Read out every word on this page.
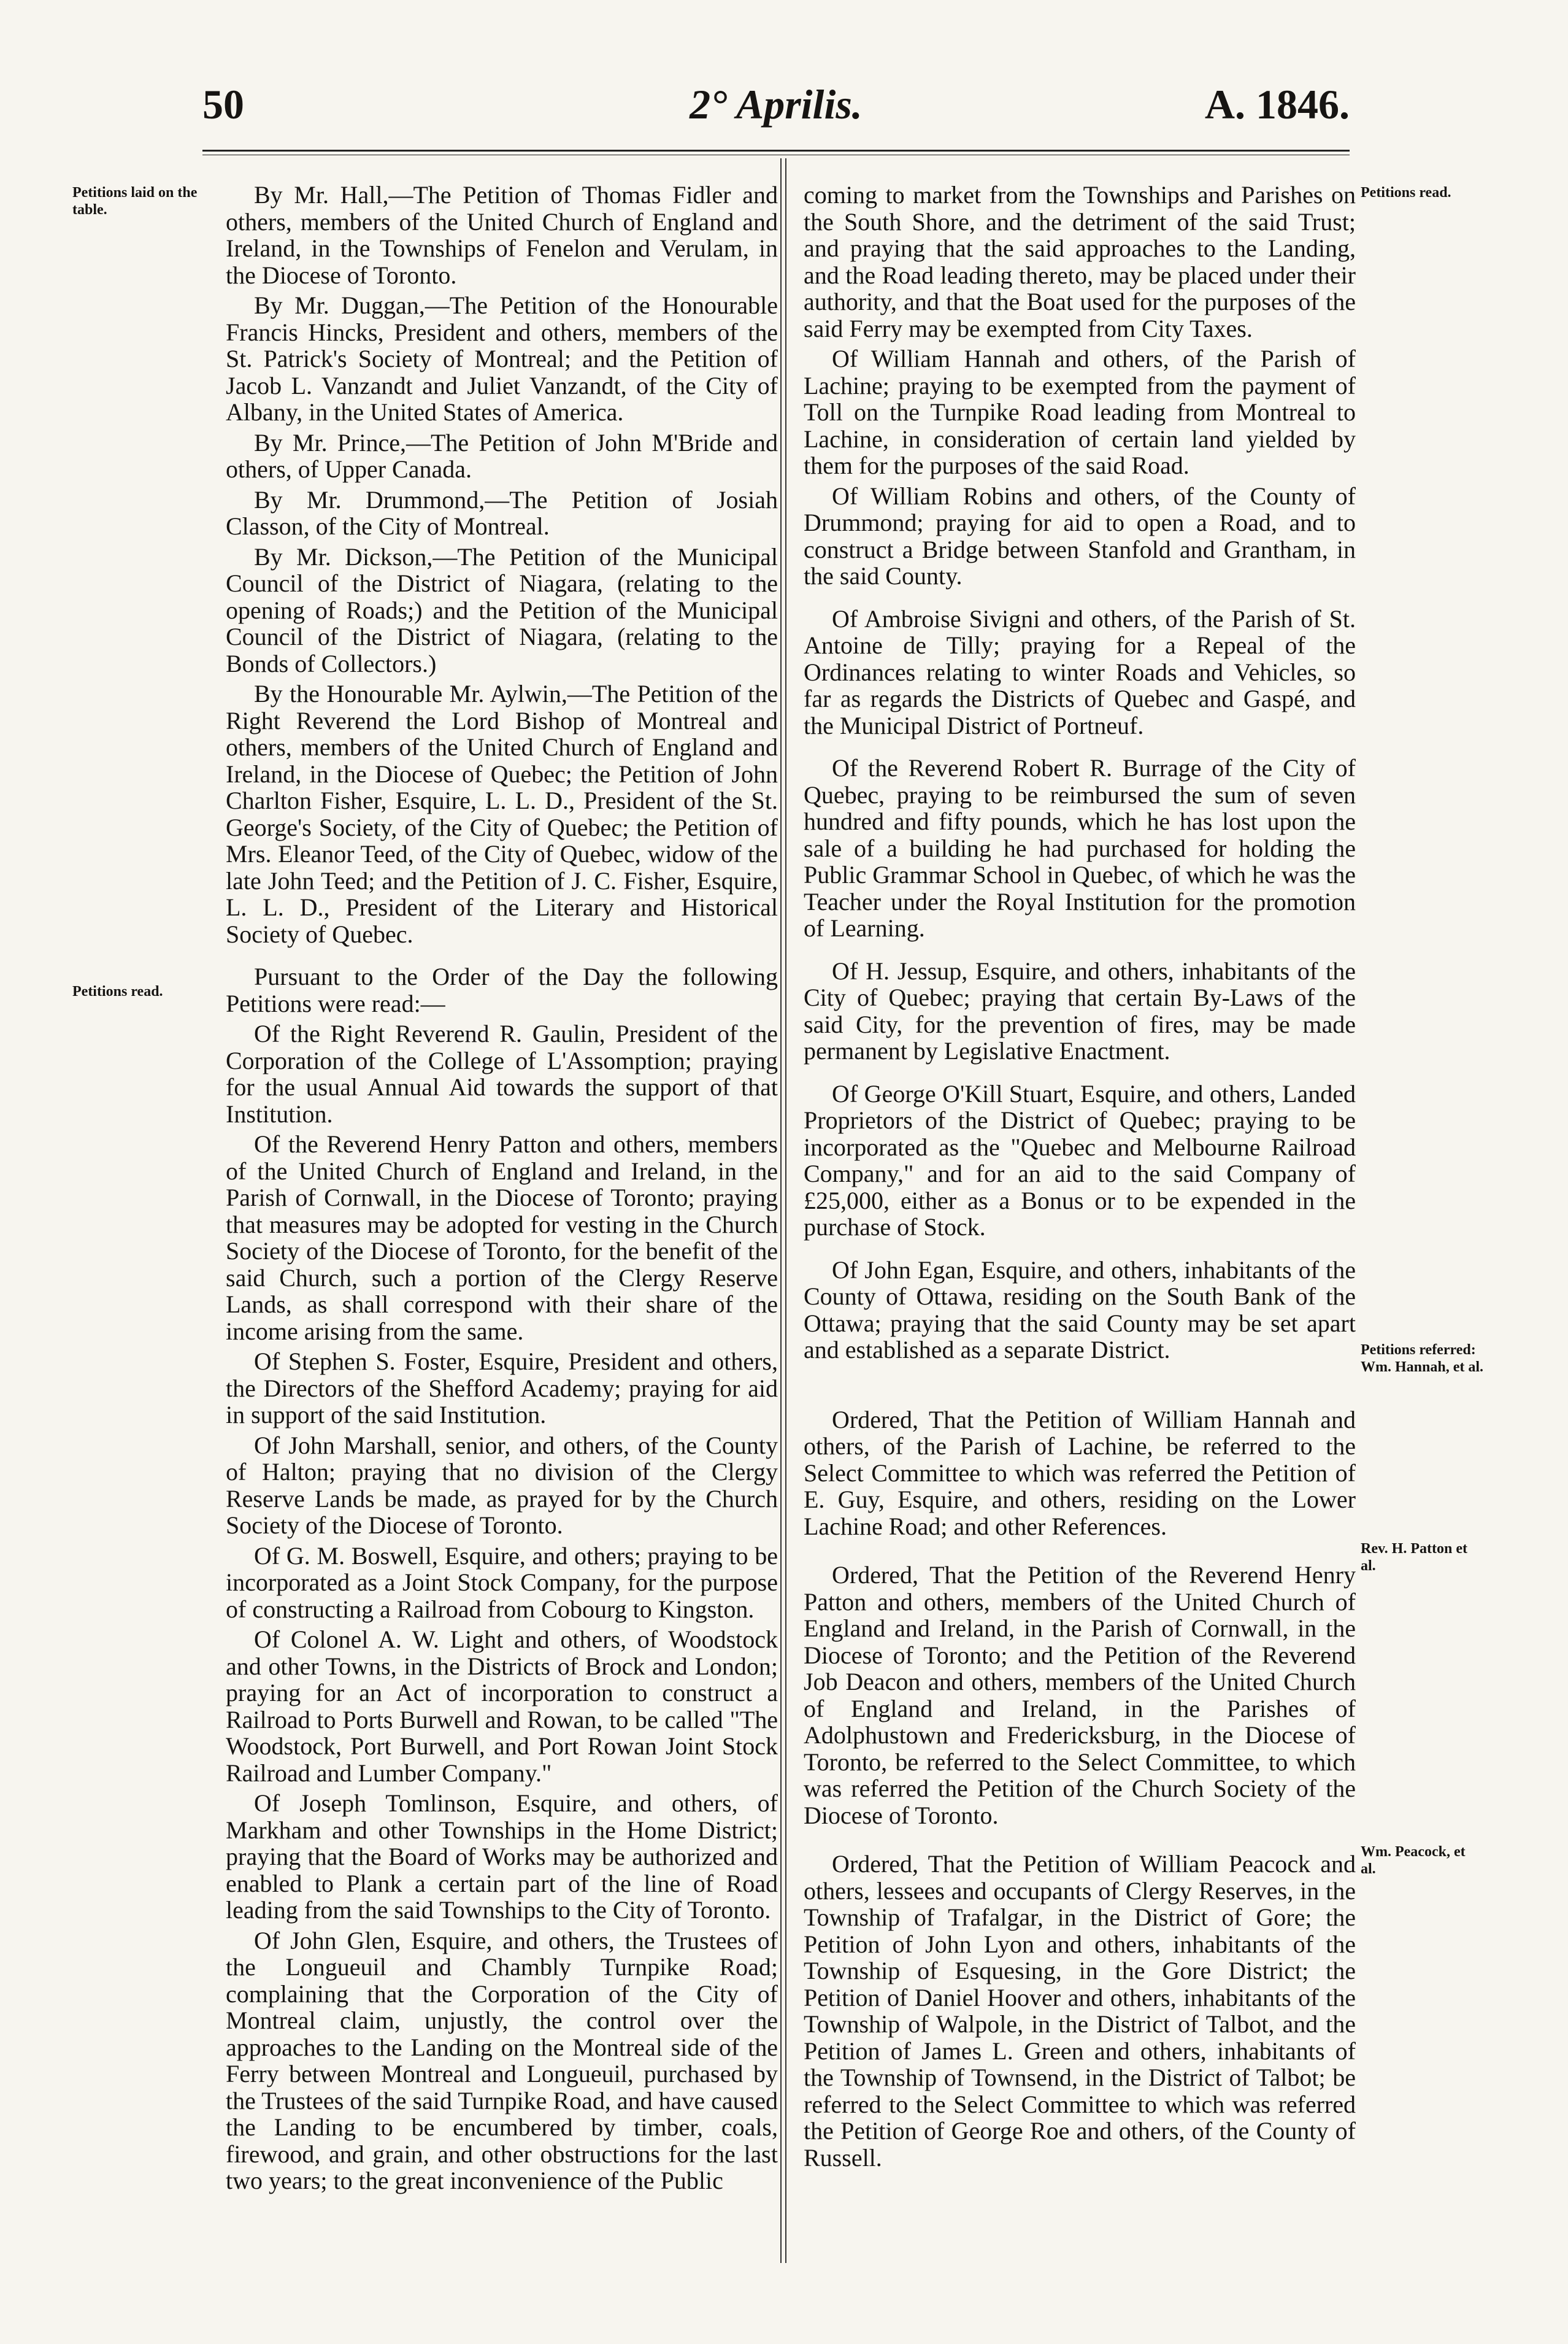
50	2° Aprilis.	A. 1846.
Petitions laid on the table.
Petitions read.
Petitions read.
Petitions referred: Wm. Hannah, et al.
Rev. H. Patton et al.
Wm. Peacock, et al.

By Mr. Hall,—The Petition of Thomas Fidler and others, members of the United Church of England and Ireland, in the Townships of Fenelon and Verulam, in the Diocese of Toronto.

By Mr. Duggan,—The Petition of the Honourable Francis Hincks, President and others, members of the St. Patrick's Society of Montreal; and the Petition of Jacob L. Vanzandt and Juliet Vanzandt, of the City of Albany, in the United States of America.

By Mr. Prince,—The Petition of John M'Bride and others, of Upper Canada.

By Mr. Drummond,—The Petition of Josiah Classon, of the City of Montreal.

By Mr. Dickson,—The Petition of the Municipal Council of the District of Niagara, (relating to the opening of Roads;) and the Petition of the Municipal Council of the District of Niagara, (relating to the Bonds of Collectors.)

By the Honourable Mr. Aylwin,—The Petition of the Right Reverend the Lord Bishop of Montreal and others, members of the United Church of England and Ireland, in the Diocese of Quebec; the Petition of John Charlton Fisher, Esquire, L. L. D., President of the St. George's Society, of the City of Quebec; the Petition of Mrs. Eleanor Teed, of the City of Quebec, widow of the late John Teed; and the Petition of J. C. Fisher, Esquire, L. L. D., President of the Literary and Historical Society of Quebec.

Pursuant to the Order of the Day the following Petitions were read:—

Of the Right Reverend R. Gaulin, President of the Corporation of the College of L'Assomption; praying for the usual Annual Aid towards the support of that Institution.

Of the Reverend Henry Patton and others, members of the United Church of England and Ireland, in the Parish of Cornwall, in the Diocese of Toronto; praying that measures may be adopted for vesting in the Church Society of the Diocese of Toronto, for the benefit of the said Church, such a portion of the Clergy Reserve Lands, as shall correspond with their share of the income arising from the same.

Of Stephen S. Foster, Esquire, President and others, the Directors of the Shefford Academy; praying for aid in support of the said Institution.

Of John Marshall, senior, and others, of the County of Halton; praying that no division of the Clergy Reserve Lands be made, as prayed for by the Church Society of the Diocese of Toronto.

Of G. M. Boswell, Esquire, and others; praying to be incorporated as a Joint Stock Company, for the purpose of constructing a Railroad from Cobourg to Kingston.

Of Colonel A. W. Light and others, of Woodstock and other Towns, in the Districts of Brock and London; praying for an Act of incorporation to construct a Railroad to Ports Burwell and Rowan, to be called "The Woodstock, Port Burwell, and Port Rowan Joint Stock Railroad and Lumber Company."

Of Joseph Tomlinson, Esquire, and others, of Markham and other Townships in the Home District; praying that the Board of Works may be authorized and enabled to Plank a certain part of the line of Road leading from the said Townships to the City of Toronto.

Of John Glen, Esquire, and others, the Trustees of the Longueuil and Chambly Turnpike Road; complaining that the Corporation of the City of Montreal claim, unjustly, the control over the approaches to the Landing on the Montreal side of the Ferry between Montreal and Longueuil, purchased by the Trustees of the said Turnpike Road, and have caused the Landing to be encumbered by timber, coals, firewood, and grain, and other obstructions for the last two years; to the great inconvenience of the Public

coming to market from the Townships and Parishes on the South Shore, and the detriment of the said Trust; and praying that the said approaches to the Landing, and the Road leading thereto, may be placed under their authority, and that the Boat used for the purposes of the said Ferry may be exempted from City Taxes.

Of William Hannah and others, of the Parish of Lachine; praying to be exempted from the payment of Toll on the Turnpike Road leading from Montreal to Lachine, in consideration of certain land yielded by them for the purposes of the said Road.

Of William Robins and others, of the County of Drummond; praying for aid to open a Road, and to construct a Bridge between Stanfold and Grantham, in the said County.

Of Ambroise Sivigni and others, of the Parish of St. Antoine de Tilly; praying for a Repeal of the Ordinances relating to winter Roads and Vehicles, so far as regards the Districts of Quebec and Gaspé, and the Municipal District of Portneuf.

Of the Reverend Robert R. Burrage of the City of Quebec, praying to be reimbursed the sum of seven hundred and fifty pounds, which he has lost upon the sale of a building he had purchased for holding the Public Grammar School in Quebec, of which he was the Teacher under the Royal Institution for the promotion of Learning.

Of H. Jessup, Esquire, and others, inhabitants of the City of Quebec; praying that certain By-Laws of the said City, for the prevention of fires, may be made permanent by Legislative Enactment.

Of George O'Kill Stuart, Esquire, and others, Landed Proprietors of the District of Quebec; praying to be incorporated as the "Quebec and Melbourne Railroad Company," and for an aid to the said Company of £25,000, either as a Bonus or to be expended in the purchase of Stock.

Of John Egan, Esquire, and others, inhabitants of the County of Ottawa, residing on the South Bank of the Ottawa; praying that the said County may be set apart and established as a separate District.

Ordered, That the Petition of William Hannah and others, of the Parish of Lachine, be referred to the Select Committee to which was referred the Petition of E. Guy, Esquire, and others, residing on the Lower Lachine Road; and other References.

Ordered, That the Petition of the Reverend Henry Patton and others, members of the United Church of England and Ireland, in the Parish of Cornwall, in the Diocese of Toronto; and the Petition of the Reverend Job Deacon and others, members of the United Church of England and Ireland, in the Parishes of Adolphustown and Fredericksburg, in the Diocese of Toronto, be referred to the Select Committee, to which was referred the Petition of the Church Society of the Diocese of Toronto.

Ordered, That the Petition of William Peacock and others, lessees and occupants of Clergy Reserves, in the Township of Trafalgar, in the District of Gore; the Petition of John Lyon and others, inhabitants of the Township of Esquesing, in the Gore District; the Petition of Daniel Hoover and others, inhabitants of the Township of Walpole, in the District of Talbot, and the Petition of James L. Green and others, inhabitants of the Township of Townsend, in the District of Talbot; be referred to the Select Committee to which was referred the Petition of George Roe and others, of the County of Russell.
